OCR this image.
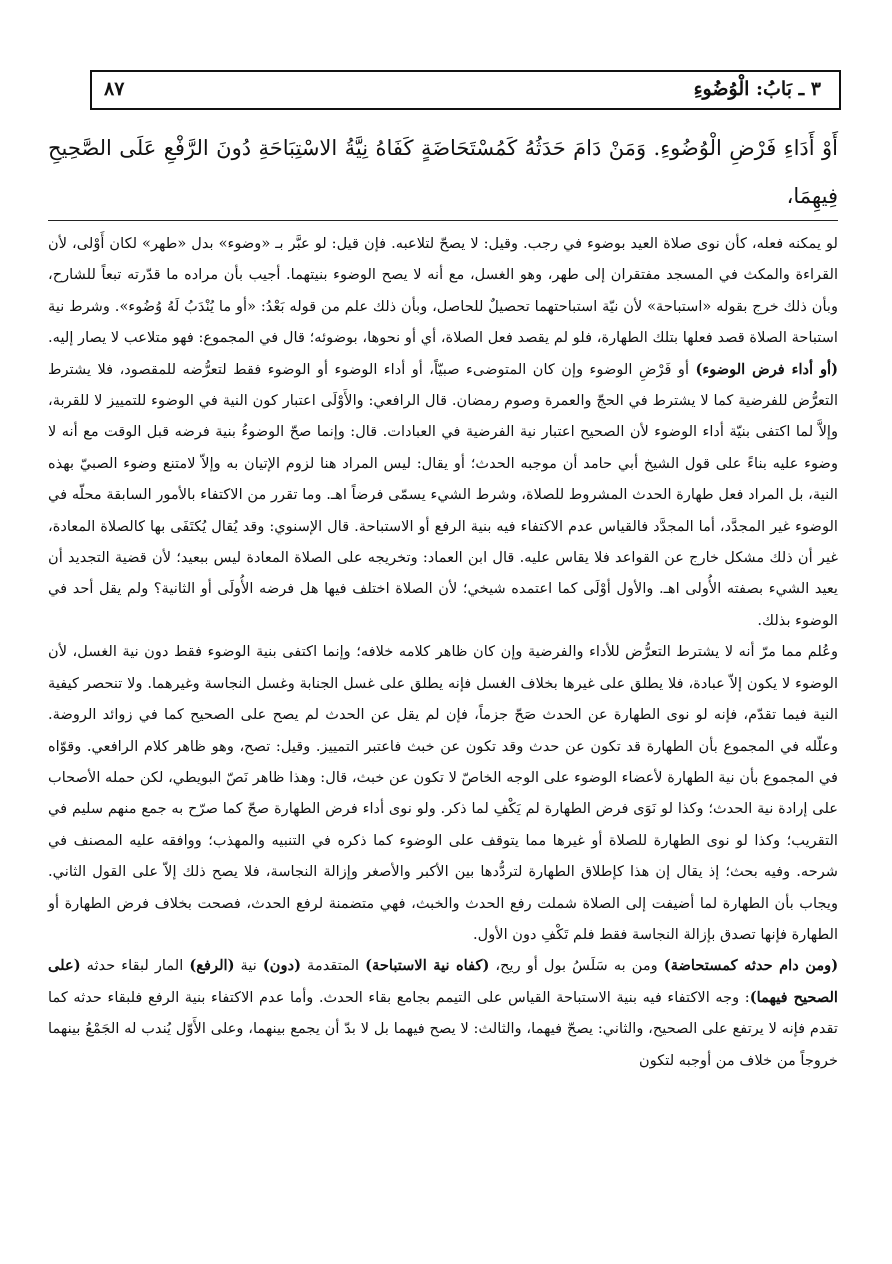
٣ ـ بَابُ: الْوُضُوءِ
٨٧
أَوْ أَدَاءِ فَرْضِ الْوُضُوءِ. وَمَنْ دَامَ حَدَثُهُ كَمُسْتَحَاضَةٍ كَفَاهُ نِيَّةُ الاسْتِبَاحَةِ دُونَ الرَّفْعِ عَلَى الصَّحِيحِ فِيهِمَا،

لو يمكنه فعله، كأن نوى صلاة العيد بوضوء في رجب. وقيل: لا يصحّ لتلاعبه. فإن قيل: لو عبَّر بـ «وضوء» بدل «طهر» لكان أَوْلى، لأن القراءة والمكث في المسجد مفتقران إلى طهر، وهو الغسل، مع أنه لا يصح الوضوء بنيتهما. أجيب بأن مراده ما قدّرته تبعاً للشارح، وبأن ذلك خرج بقوله «استباحة» لأن نيّة استباحتهما تحصيلٌ للحاصل، وبأن ذلك علم من قوله بَعْدُ: «أو ما يُنْدَبُ لَهُ وُضُوء». وشرط نية استباحة الصلاة قصد فعلها بتلك الطهارة، فلو لم يقصد فعل الصلاة، أي أو نحوها، بوضوئه؛ قال في المجموع: فهو متلاعب لا يصار إليه. (أو أداء فرض الوضوء) أو فَرْضِ الوضوء وإن كان المتوضىء صبيّاً، أو أداء الوضوء أو الوضوء فقط لتعرُّضه للمقصود، فلا يشترط التعرُّض للفرضية كما لا يشترط في الحجّ والعمرة وصوم رمضان. قال الرافعي: والأَوْلَى اعتبار كون النية في الوضوء للتمييز لا للقربة، وإلاَّ لما اكتفى بنيّة أداء الوضوء لأن الصحيح اعتبار نية الفرضية في العبادات. قال: وإنما صحّ الوضوءُ بنية فرضه قبل الوقت مع أنه لا وضوء عليه بناءً على قول الشيخ أبي حامد أن موجبه الحدث؛ أو يقال: ليس المراد هنا لزوم الإتيان به وإلاّ لامتنع وضوء الصبيّ بهذه النية، بل المراد فعل طهارة الحدث المشروط للصلاة، وشرط الشيء يسمّى فرضاً اهـ. وما تقرر من الاكتفاء بالأمور السابقة محلّه في الوضوء غير المجدَّد، أما المجدَّد فالقياس عدم الاكتفاء فيه بنية الرفع أو الاستباحة. قال الإسنوي: وقد يُقال يُكتَفَى بها كالصلاة المعادة، غير أن ذلك مشكل خارج عن القواعد فلا يقاس عليه. قال ابن العماد: وتخريجه على الصلاة المعادة ليس ببعيد؛ لأن قضية التجديد أن يعيد الشيء بصفته الأُولى اهـ. والأول أوْلَى كما اعتمده شيخي؛ لأن الصلاة اختلف فيها هل فرضه الأُولَى أو الثانية؟ ولم يقل أحد في الوضوء بذلك.

وعُلم مما مرّ أنه لا يشترط التعرُّض للأداء والفرضية وإن كان ظاهر كلامه خلافه؛ وإنما اكتفى بنية الوضوء فقط دون نية الغسل، لأن الوضوء لا يكون إلاّ عبادة، فلا يطلق على غيرها بخلاف الغسل فإنه يطلق على غسل الجنابة وغسل النجاسة وغيرهما. ولا تنحصر كيفية النية فيما تقدّم، فإنه لو نوى الطهارة عن الحدث صَحّ جزماً، فإن لم يقل عن الحدث لم يصح على الصحيح كما في زوائد الروضة. وعلّله في المجموع بأن الطهارة قد تكون عن حدث وقد تكون عن خبث فاعتبر التمييز. وقيل: تصح، وهو ظاهر كلام الرافعي. وقوّاه في المجموع بأن نية الطهارة لأعضاء الوضوء على الوجه الخاصّ لا تكون عن خبث، قال: وهذا ظاهر نَصّ البويطي، لكن حمله الأصحاب على إرادة نية الحدث؛ وكذا لو نَوَى فرض الطهارة لم يَكْفِ لما ذكر. ولو نوى أداء فرض الطهارة صحّ كما صرّح به جمع منهم سليم في التقريب؛ وكذا لو نوى الطهارة للصلاة أو غيرها مما يتوقف على الوضوء كما ذكره في التنبيه والمهذب؛ ووافقه عليه المصنف في شرحه. وفيه بحث؛ إذ يقال إن هذا كإطلاق الطهارة لتردُّدها بين الأكبر والأصغر وإزالة النجاسة، فلا يصح ذلك إلاّ على القول الثاني. ويجاب بأن الطهارة لما أضيفت إلى الصلاة شملت رفع الحدث والخبث، فهي متضمنة لرفع الحدث، فصحت بخلاف فرض الطهارة أو الطهارة فإنها تصدق بإزالة النجاسة فقط فلم تَكْفِ دون الأول.

(ومن دام حدثه كمستحاضة) ومن به سَلَسُ بول أو ريح، (كفاه نية الاستباحة) المتقدمة (دون) نية (الرفع) المار لبقاء حدثه (على الصحيح فيهما): وجه الاكتفاء فيه بنية الاستباحة القياس على التيمم بجامع بقاء الحدث. وأما عدم الاكتفاء بنية الرفع فلبقاء حدثه كما تقدم فإنه لا يرتفع على الصحيح، والثاني: يصحّ فيهما، والثالث: لا يصح فيهما بل لا بدّ أن يجمع بينهما، وعلى الأَوّل يُندب له الجَمْعُ بينهما خروجاً من خلاف من أوجبه لتكون
